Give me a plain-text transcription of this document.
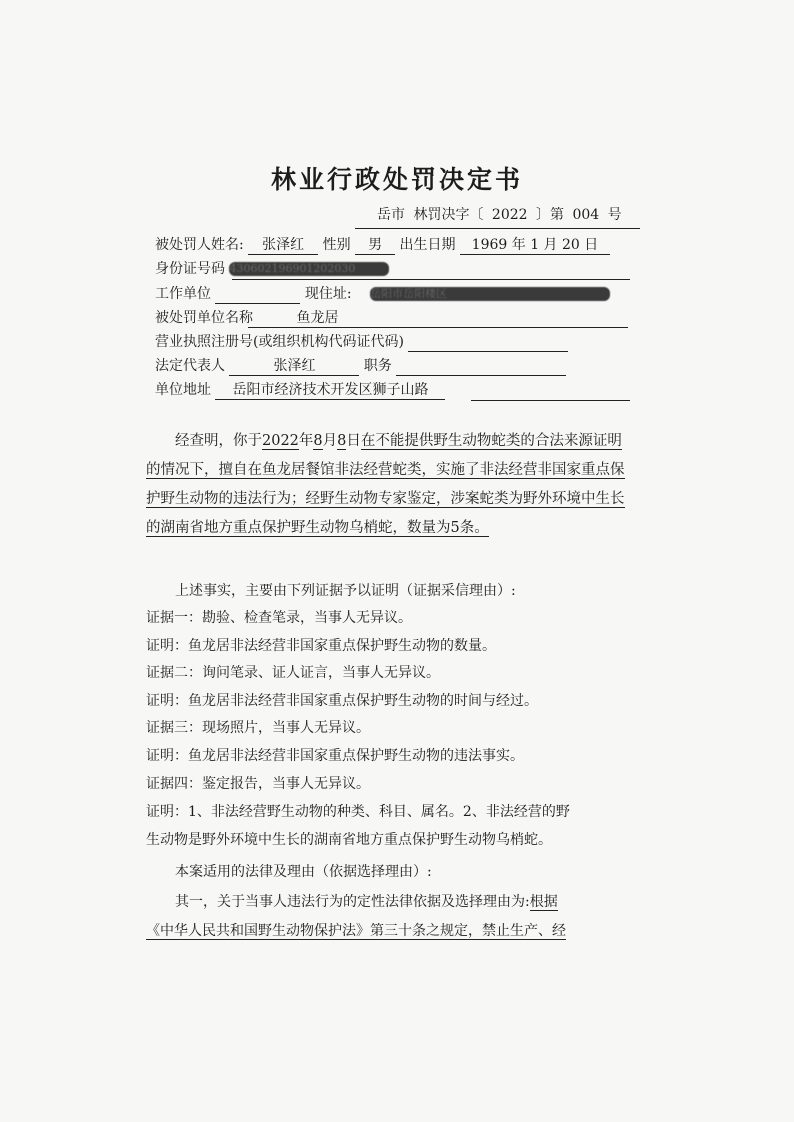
林业行政处罚决定书
岳市 林罚决字〔 2022 〕第 004 号
被处罚人姓名: 张泽红 性别 男 出生日期 1969 年 1 月 20 日
身份证号码 430602196901202030
工作单位	现住址: 岳阳市岳阳楼区
被处罚单位名称	鱼龙居
营业执照注册号(或组织机构代码证代码)
法定代表人	张泽红	职务
单位地址 岳阳市经济技术开发区狮子山路
经查明，你于2022年8月8日在不能提供野生动物蛇类的合法来源证明的情况下，擅自在鱼龙居餐馆非法经营蛇类，实施了非法经营非国家重点保护野生动物的违法行为；经野生动物专家鉴定，涉案蛇类为野外环境中生长的湖南省地方重点保护野生动物乌梢蛇，数量为5条。
上述事实，主要由下列证据予以证明（证据采信理由）:
证据一：勘验、检查笔录，当事人无异议。
证明：鱼龙居非法经营非国家重点保护野生动物的数量。
证据二：询问笔录、证人证言，当事人无异议。
证明：鱼龙居非法经营非国家重点保护野生动物的时间与经过。
证据三：现场照片，当事人无异议。
证明：鱼龙居非法经营非国家重点保护野生动物的违法事实。
证据四：鉴定报告，当事人无异议。
证明：1、非法经营野生动物的种类、科目、属名。2、非法经营的野
生动物是野外环境中生长的湖南省地方重点保护野生动物乌梢蛇。
本案适用的法律及理由（依据选择理由）:
其一，关于当事人违法行为的定性法律依据及选择理由为:根据
《中华人民共和国野生动物保护法》第三十条之规定，禁止生产、经
